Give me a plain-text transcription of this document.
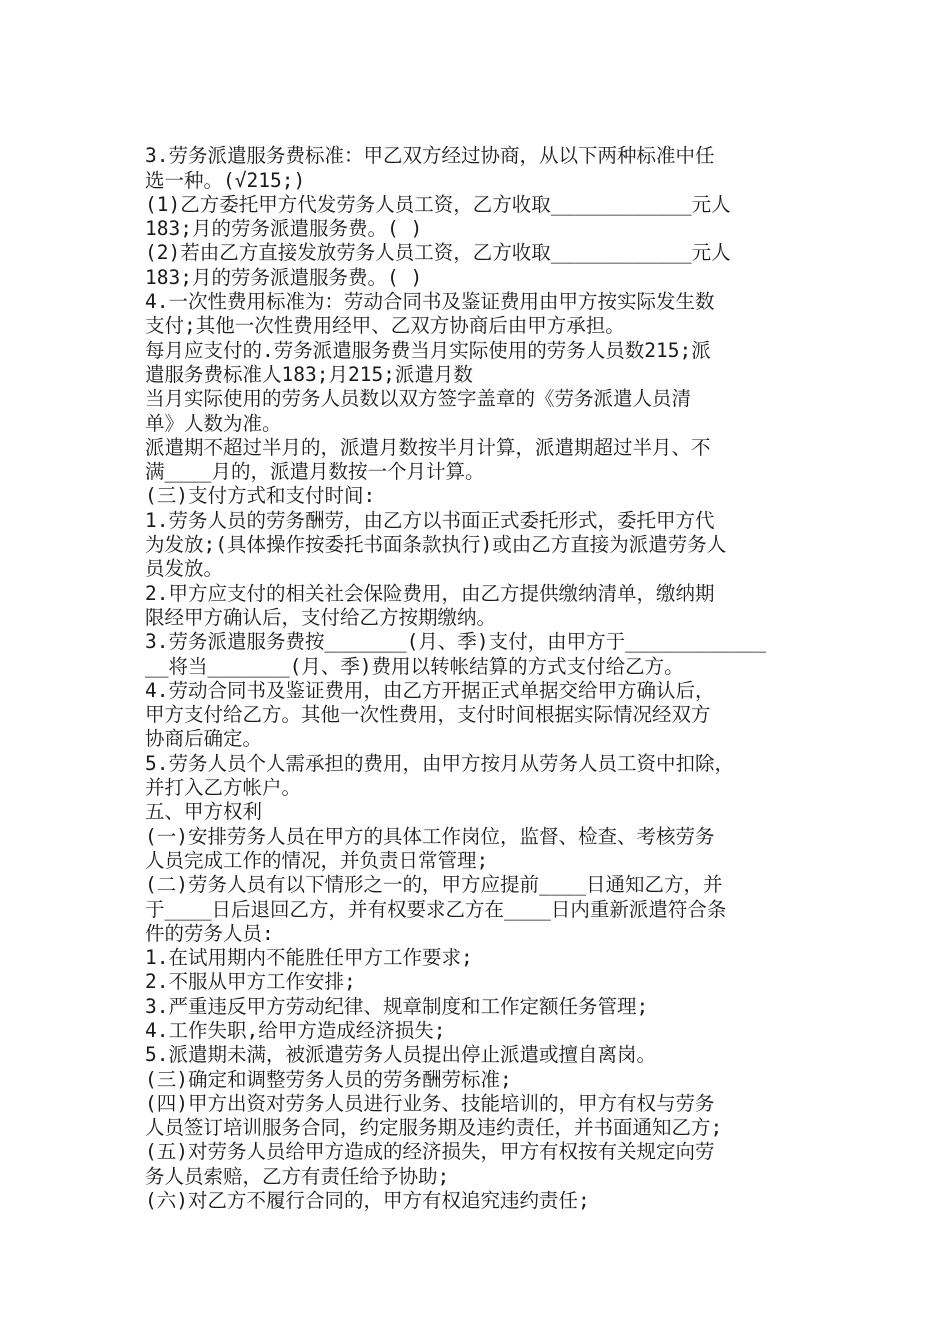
3.劳务派遣服务费标准：甲乙双方经过协商，从以下两种标准中任
选一种。(√215;)
(1)乙方委托甲方代发劳务人员工资，乙方收取____________元人
183;月的劳务派遣服务费。( )
(2)若由乙方直接发放劳务人员工资，乙方收取____________元人
183;月的劳务派遣服务费。( )
4.一次性费用标准为：劳动合同书及鉴证费用由甲方按实际发生数
支付;其他一次性费用经甲、乙双方协商后由甲方承担。
每月应支付的.劳务派遣服务费当月实际使用的劳务人员数215;派
遣服务费标准人183;月215;派遣月数
当月实际使用的劳务人员数以双方签字盖章的《劳务派遣人员清
单》人数为准。
派遣期不超过半月的，派遣月数按半月计算，派遣期超过半月、不
满____月的，派遣月数按一个月计算。
(三)支付方式和支付时间:
1.劳务人员的劳务酬劳，由乙方以书面正式委托形式，委托甲方代
为发放;(具体操作按委托书面条款执行)或由乙方直接为派遣劳务人
员发放。
2.甲方应支付的相关社会保险费用，由乙方提供缴纳清单，缴纳期
限经甲方确认后，支付给乙方按期缴纳。
3.劳务派遣服务费按_______(月、季)支付，由甲方于____________
__将当_______(月、季)费用以转帐结算的方式支付给乙方。
4.劳动合同书及鉴证费用，由乙方开据正式单据交给甲方确认后，
甲方支付给乙方。其他一次性费用，支付时间根据实际情况经双方
协商后确定。
5.劳务人员个人需承担的费用，由甲方按月从劳务人员工资中扣除，
并打入乙方帐户。
五、甲方权利
(一)安排劳务人员在甲方的具体工作岗位，监督、检查、考核劳务
人员完成工作的情况，并负责日常管理;
(二)劳务人员有以下情形之一的，甲方应提前____日通知乙方，并
于____日后退回乙方，并有权要求乙方在____日内重新派遣符合条
件的劳务人员:
1.在试用期内不能胜任甲方工作要求;
2.不服从甲方工作安排;
3.严重违反甲方劳动纪律、规章制度和工作定额任务管理;
4.工作失职,给甲方造成经济损失;
5.派遣期未满，被派遣劳务人员提出停止派遣或擅自离岗。
(三)确定和调整劳务人员的劳务酬劳标准;
(四)甲方出资对劳务人员进行业务、技能培训的，甲方有权与劳务
人员签订培训服务合同，约定服务期及违约责任，并书面通知乙方;
(五)对劳务人员给甲方造成的经济损失，甲方有权按有关规定向劳
务人员索赔，乙方有责任给予协助;
(六)对乙方不履行合同的，甲方有权追究违约责任;
